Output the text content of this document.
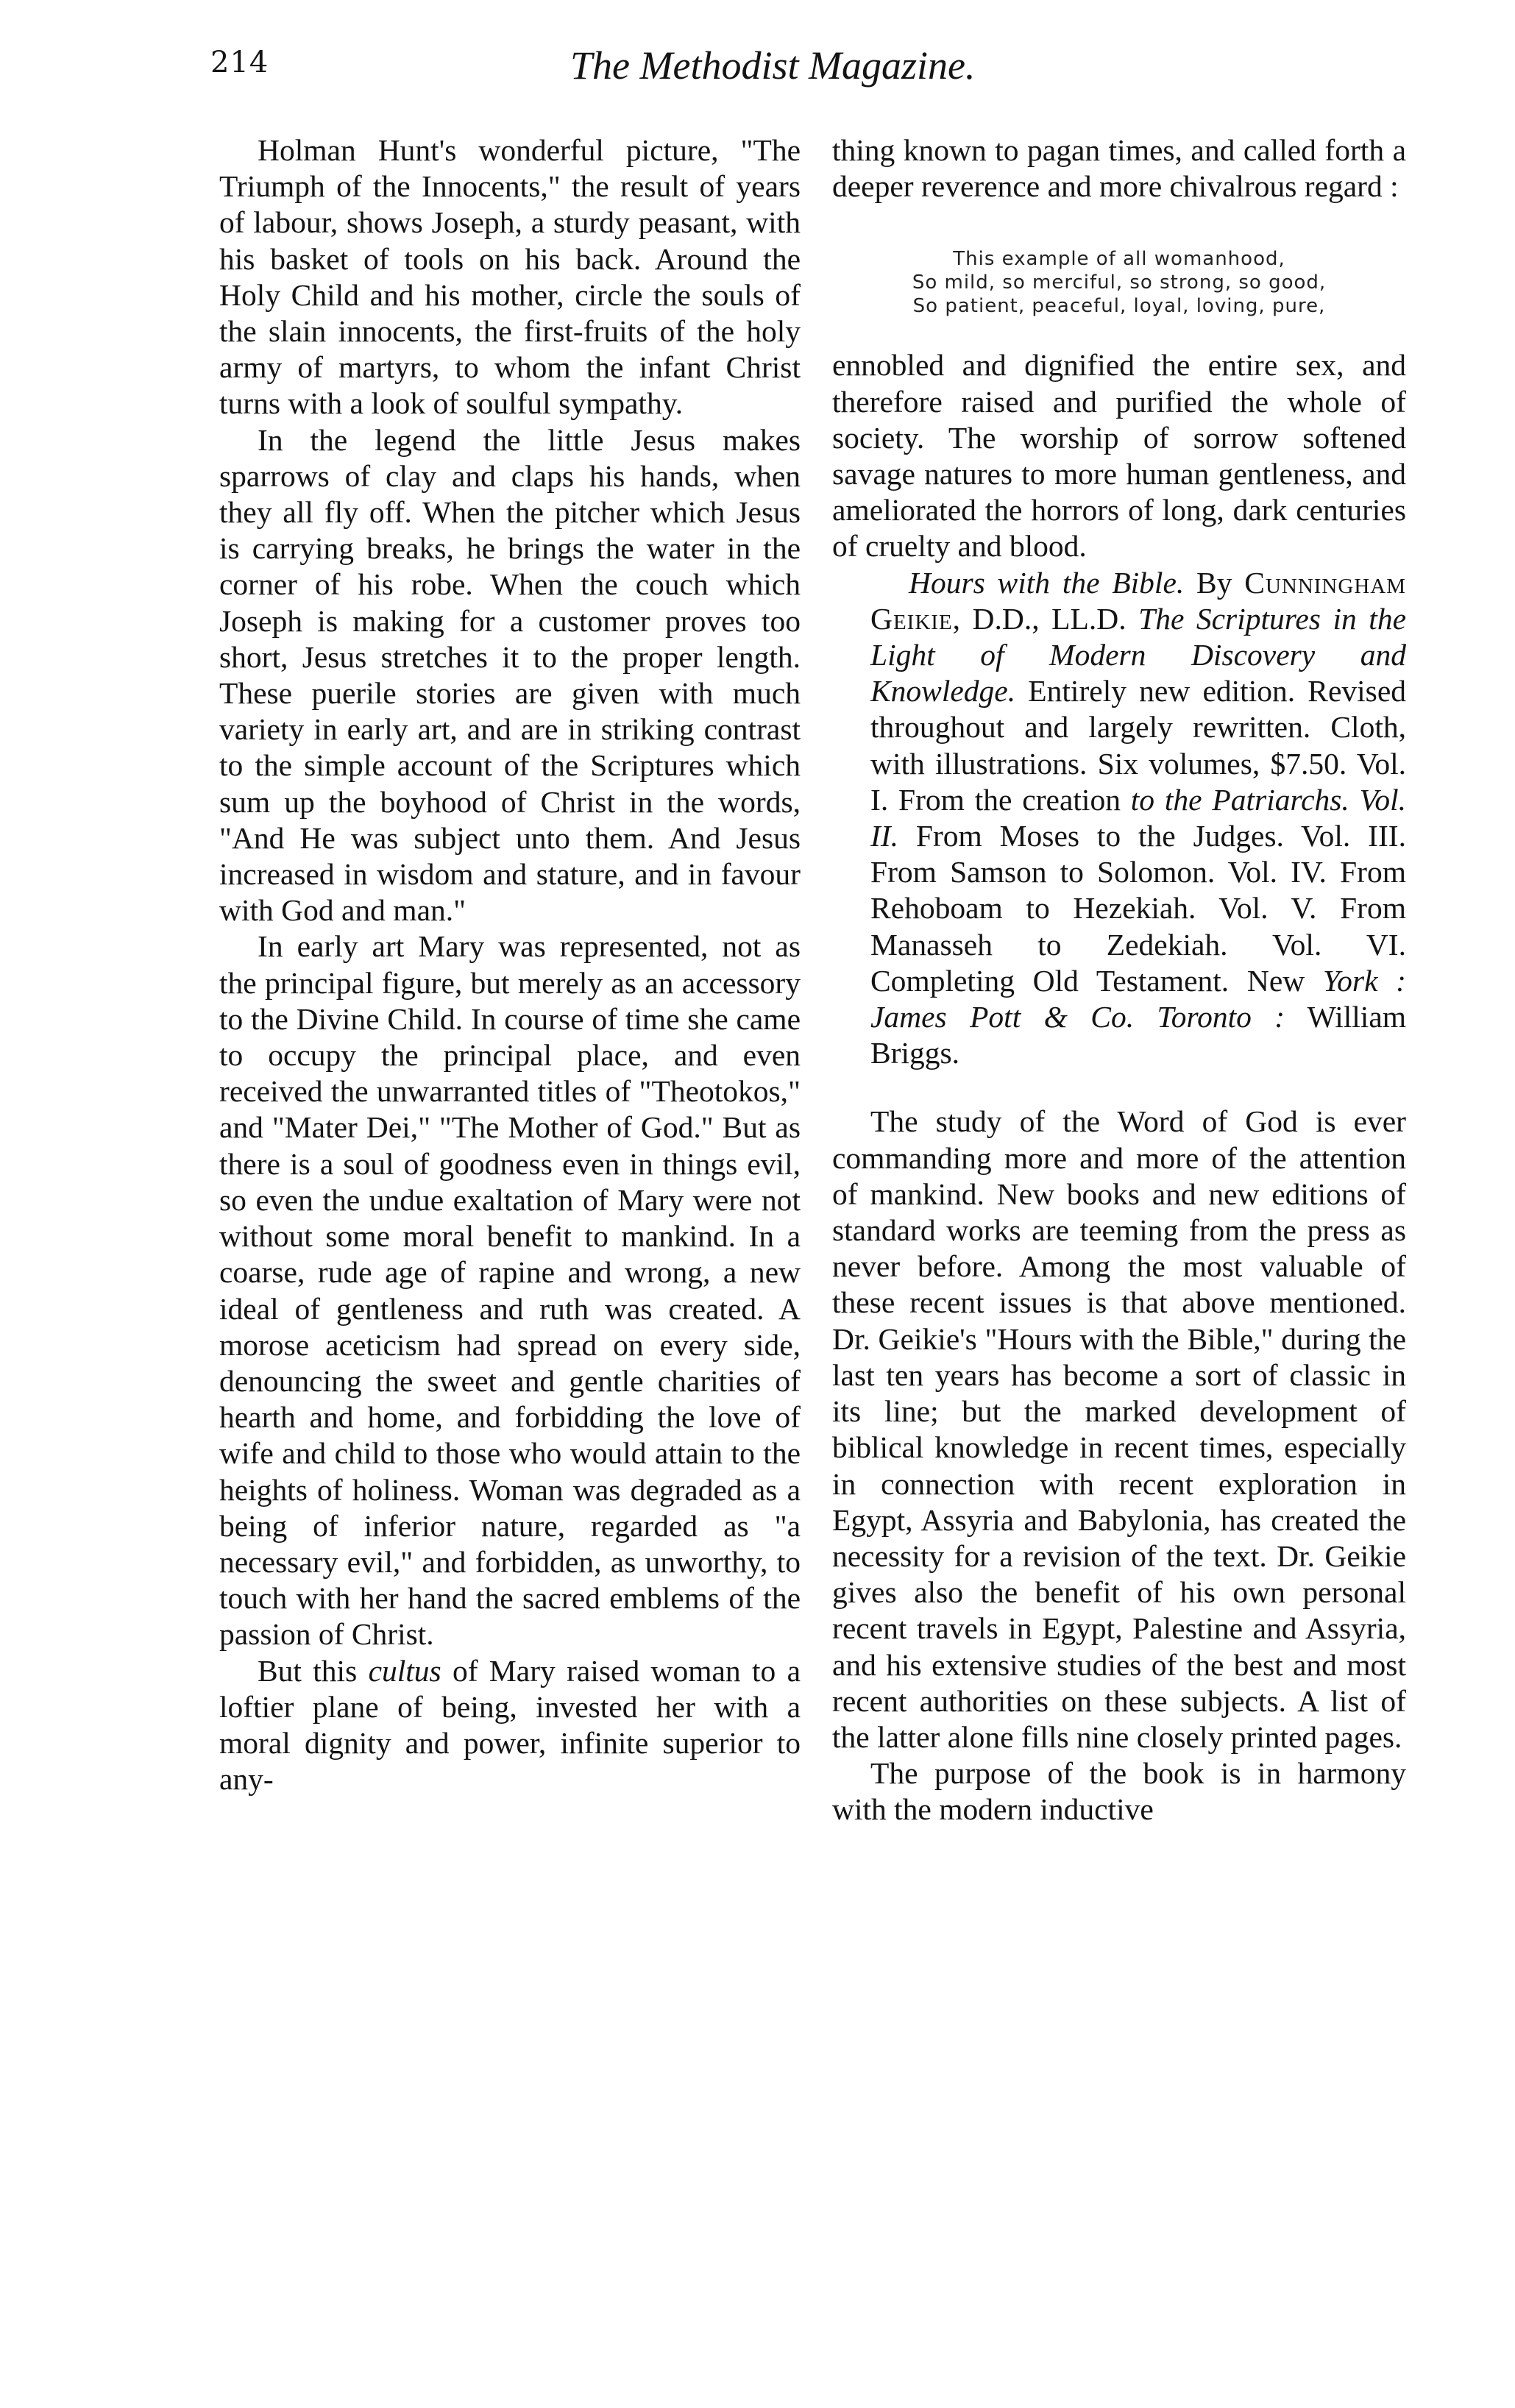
214	The Methodist Magazine.

Holman Hunt's wonderful picture, "The Triumph of the Innocents," the result of years of labour, shows Joseph, a sturdy peasant, with his basket of tools on his back. Around the Holy Child and his mother, circle the souls of the slain innocents, the first-fruits of the holy army of martyrs, to whom the infant Christ turns with a look of soulful sympathy.

In the legend the little Jesus makes sparrows of clay and claps his hands, when they all fly off. When the pitcher which Jesus is carrying breaks, he brings the water in the corner of his robe. When the couch which Joseph is making for a customer proves too short, Jesus stretches it to the proper length. These puerile stories are given with much variety in early art, and are in striking contrast to the simple account of the Scriptures which sum up the boyhood of Christ in the words, "And He was subject unto them. And Jesus increased in wisdom and stature, and in favour with God and man."

In early art Mary was represented, not as the principal figure, but merely as an accessory to the Divine Child. In course of time she came to occupy the principal place, and even received the unwarranted titles of "Theotokos," and "Mater Dei," "The Mother of God." But as there is a soul of goodness even in things evil, so even the undue exaltation of Mary were not without some moral benefit to mankind. In a coarse, rude age of rapine and wrong, a new ideal of gentleness and ruth was created. A morose aceticism had spread on every side, denouncing the sweet and gentle charities of hearth and home, and forbidding the love of wife and child to those who would attain to the heights of holiness. Woman was degraded as a being of inferior nature, regarded as "a necessary evil," and forbidden, as unworthy, to touch with her hand the sacred emblems of the passion of Christ.

But this cultus of Mary raised woman to a loftier plane of being, invested her with a moral dignity and power, infinite superior to any-

thing known to pagan times, and called forth a deeper reverence and more chivalrous regard :

This example of all womanhood,
So mild, so merciful, so strong, so good,
So patient, peaceful, loyal, loving, pure,

ennobled and dignified the entire sex, and therefore raised and purified the whole of society. The worship of sorrow softened savage natures to more human gentleness, and ameliorated the horrors of long, dark centuries of cruelty and blood.

Hours with the Bible. By Cunningham Geikie, D.D., LL.D. The Scriptures in the Light of Modern Discovery and Knowledge. Entirely new edition. Revised throughout and largely rewritten. Cloth, with illustrations. Six volumes, $7.50. Vol. I. From the creation to the Patriarchs. Vol. II. From Moses to the Judges. Vol. III. From Samson to Solomon. Vol. IV. From Rehoboam to Hezekiah. Vol. V. From Manasseh to Zedekiah. Vol. VI. Completing Old Testament. New York : James Pott & Co. Toronto : William Briggs.

The study of the Word of God is ever commanding more and more of the attention of mankind. New books and new editions of standard works are teeming from the press as never before. Among the most valuable of these recent issues is that above mentioned. Dr. Geikie's "Hours with the Bible," during the last ten years has become a sort of classic in its line; but the marked development of biblical knowledge in recent times, especially in connection with recent exploration in Egypt, Assyria and Babylonia, has created the necessity for a revision of the text. Dr. Geikie gives also the benefit of his own personal recent travels in Egypt, Palestine and Assyria, and his extensive studies of the best and most recent authorities on these subjects. A list of the latter alone fills nine closely printed pages.

The purpose of the book is in harmony with the modern inductive
